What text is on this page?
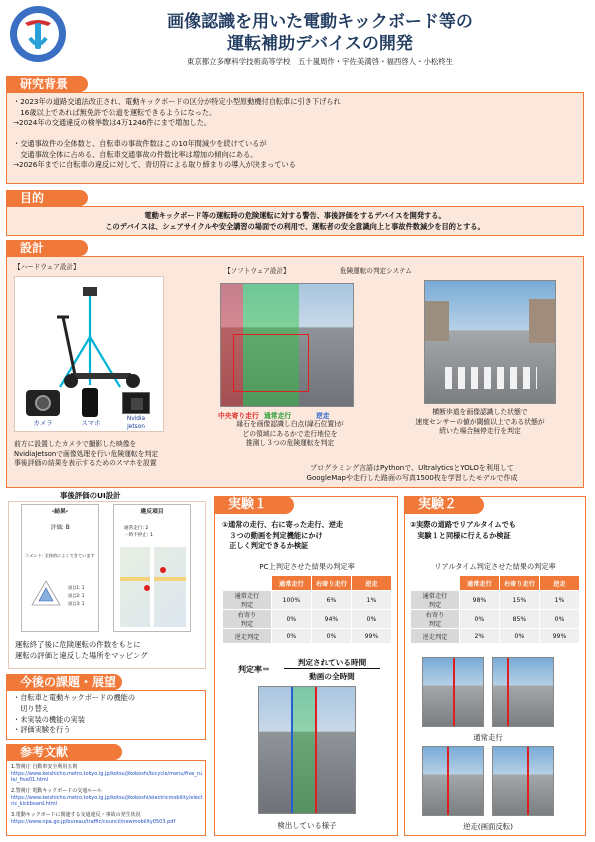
画像認識を用いた電動キックボード等の
運転補助デバイスの開発
東京都立多摩科学技術高等学校　五十嵐周作・宇佐美満啓・福西啓人・小松柊生
研究背景
・2023年の道路交通法改正され、電動キックボードの区分が特定小型原動機付自転車に引き下げられ
　16歳以上であれば無免許で公道を運転できるようになった。
→2024年の交通違反の検挙数は4万1246件にまで増加した。

・交通事故件の全体数と、自転車の事故件数はこの10年間減少を続けているが
　交通事故全体に占める、自転車交通事故の件数比率は増加の傾向にある。
→2026年までに自転車の違反に対して、青切符による取り締まりの導入が決まっている
目的
電動キックボード等の運転時の危険運転に対する警告、事後評価をするデバイスを開発する。
このデバイスは、シェアサイクルや安全講習の場面での利用で、運転者の安全意識向上と事故件数減少を目的とする。
設計
【ハードウェア設計】
カメラ	スマホ	Nvidia
Jetson
前方に設置したカメラで撮影した映像を
NvidiaJetsonで画像処理を行い危険運転を判定
事後評価の結果を表示するためのスマホを設置
【ソフトウェア設計】	危険運転の判定システム
中央寄り走行 通常走行	逆走
縁石を画像認識し白点(縁石位置)が
どの領域にあるかで走行地位を
推測し３つの危険運転を判定
横断歩道を画像認識した状態で
速度センサーの値が閾値以上である状態が
続いた場合無停走行を判定
プログラミング言語はPythonで、UltralyticsとYOLOを利用して
GoogleMapや走行した路面の写真1500枚を学習したモデルで作成
事後評価のUI設計
-結果-
評価: B
コメント: 全体的によくできています
項目1: 1
項目2: 1
項目3: 1
違反項目
通常走行: 2
一時不停止: 1
運転終了後に危険運転の件数をもとに
運転の評価と違反した場所をマッピング
今後の課題・展望
・自転車と電動キックボードの機能の
　切り替え
・未実装の機能の実装
・評価実験を行う
参考文献
1.警視庁 自動車安全利用五則
https://www.keishicho.metro.tokyo.lg.jp/kotsu/jikoboshi/bicycle/menu/five_rule/_five01.html
2.警視庁 電動キックボードの交通ルール
https://www.keishicho.metro.tokyo.lg.jp/kotsu/jikoboshi/electricmobility/electric_kickboard.html
3.電動キックボードに関連する交通違反・事故の発生状況
https://www.npa.go.jp/bureau/traffic/council/newmobility0503.pdf
実験１
①通常の走行、右に寄った走行、逆走
　３つの動画を判定機能にかけ
　正しく判定できるか検証
PC上判定させた結果の判定率
	通常走行	右寄り走行	逆走
通常走行
判定	100%	6%	1%
右寄り
判定	0%	94%	0%
逆走判定	0%	0%	99%
判定率＝
判定されている時間
動画の全時間
検出している様子
実験２
②実際の道路でリアルタイムでも
　実験１と同様に行えるか検証
リアルタイム判定させた結果の判定率
	通常走行	右寄り走行	逆走
通常走行
判定	98%	15%	1%
右寄り
判定	0%	85%	0%
逆走判定	2%	0%	99%
通常走行
逆走(画面反転)
